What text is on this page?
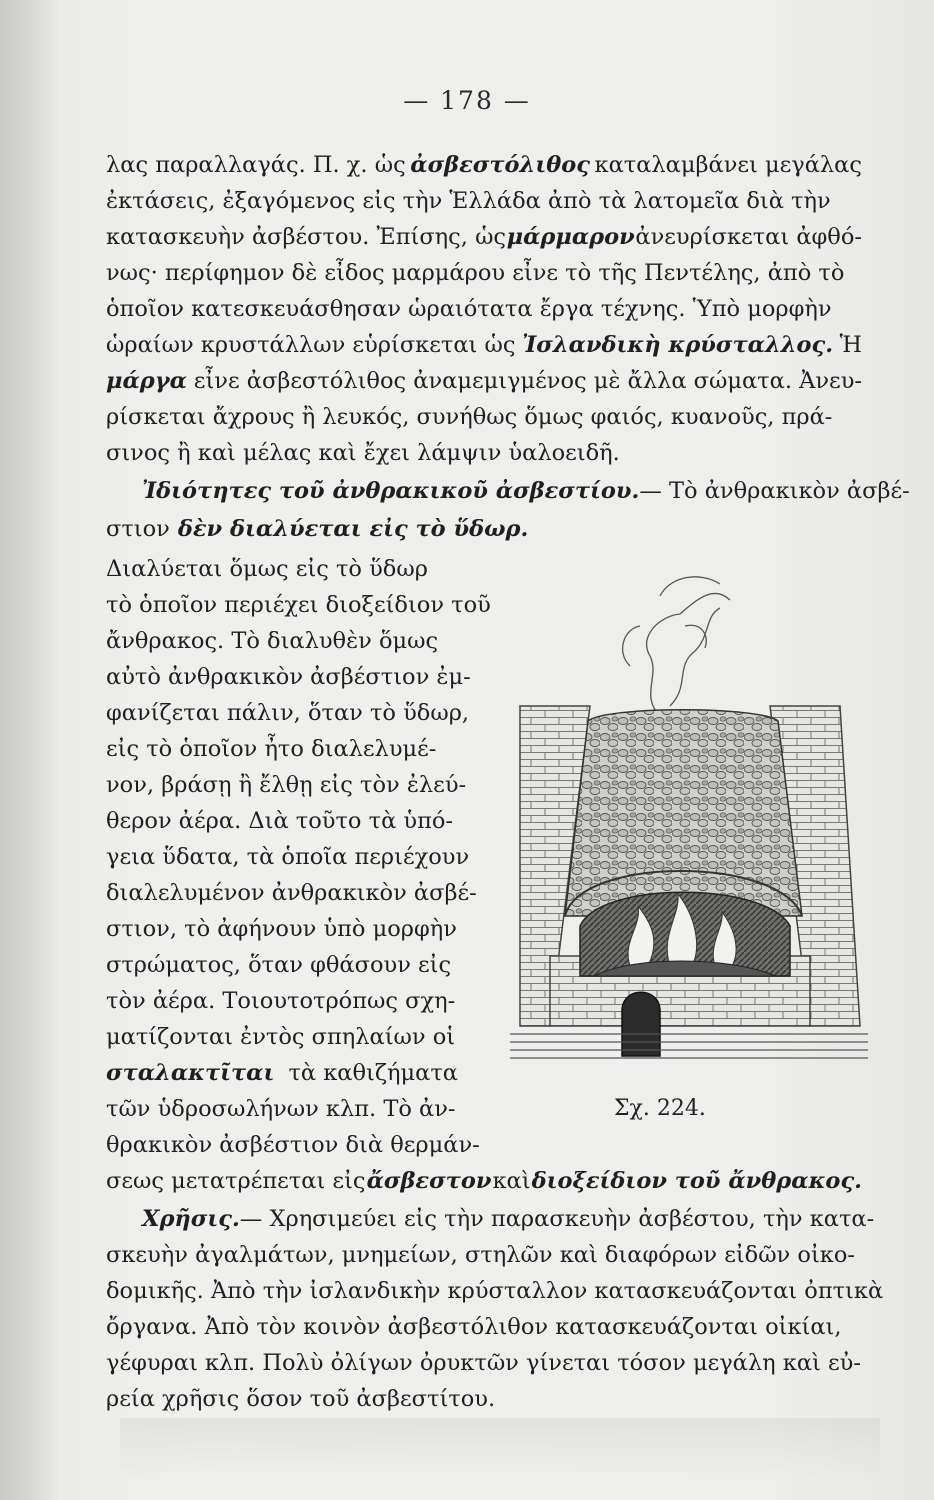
— 178 —
λας παραλλαγάς. Π. χ. ὡς ἀσβεστόλιθος καταλαμβάνει μεγάλας
ἐκτάσεις, ἐξαγόμενος εἰς τὴν Ἑλλάδα ἀπὸ τὰ λατομεῖα διὰ τὴν
κατασκευὴν ἀσβέστου. Ἐπίσης, ὡς μάρμαρον ἀνευρίσκεται ἀφθό-
νως· περίφημον δὲ εἶδος μαρμάρου εἶνε τὸ τῆς Πεντέλης, ἀπὸ τὸ
ὁποῖον κατεσκευάσθησαν ὡραιότατα ἔργα τέχνης. Ὑπὸ μορφὴν
ὡραίων κρυστάλλων εὑρίσκεται ὡς Ἰσλανδικὴ κρύσταλλος. Ἡ
μάργα εἶνε ἀσβεστόλιθος ἀναμεμιγμένος μὲ ἄλλα σώματα. Ἀνευ-
ρίσκεται ἄχρους ἢ λευκός, συνήθως ὅμως φαιός, κυανοῦς, πρά-
σινος ἢ καὶ μέλας καὶ ἔχει λάμψιν ὑαλοειδῆ.
Ἰδιότητες τοῦ ἀνθρακικοῦ ἀσβεστίου. — Τὸ ἀνθρακικὸν ἀσβέ-
στιον δὲν διαλύεται εἰς τὸ ὕδωρ.
Διαλύεται ὅμως εἰς τὸ ὕδωρ
τὸ ὁποῖον περιέχει διοξείδιον τοῦ
ἄνθρακος. Τὸ διαλυθὲν ὅμως
αὐτὸ ἀνθρακικὸν ἀσβέστιον ἐμ-
φανίζεται πάλιν, ὅταν τὸ ὕδωρ,
εἰς τὸ ὁποῖον ἦτο διαλελυμέ-
νον, βράσῃ ἢ ἔλθῃ εἰς τὸν ἐλεύ-
θερον ἀέρα. Διὰ τοῦτο τὰ ὑπό-
γεια ὕδατα, τὰ ὁποῖα περιέχουν
διαλελυμένον ἀνθρακικὸν ἀσβέ-
στιον, τὸ ἀφήνουν ὑπὸ μορφὴν
στρώματος, ὅταν φθάσουν εἰς
τὸν ἀέρα. Τοιουτοτρόπως σχη-
ματίζονται ἐντὸς σπηλαίων οἱ
σταλακτῖται τὰ καθιζήματα
τῶν ὑδροσωλήνων κλπ. Τὸ ἀν-
θρακικὸν ἀσβέστιον διὰ θερμάν-
Σχ. 224.
σεως μετατρέπεται εἰς ἄσβεστον καὶ διοξείδιον τοῦ ἄνθρακος.
Χρῆσις. — Χρησιμεύει εἰς τὴν παρασκευὴν ἀσβέστου, τὴν κατα-
σκευὴν ἀγαλμάτων, μνημείων, στηλῶν καὶ διαφόρων εἰδῶν οἰκο-
δομικῆς. Ἀπὸ τὴν ἰσλανδικὴν κρύσταλλον κατασκευάζονται ὀπτικὰ
ὄργανα. Ἀπὸ τὸν κοινὸν ἀσβεστόλιθον κατασκευάζονται οἰκίαι,
γέφυραι κλπ. Πολὺ ὀλίγων ὀρυκτῶν γίνεται τόσον μεγάλη καὶ εὐ-
ρεία χρῆσις ὅσον τοῦ ἀσβεστίτου.
